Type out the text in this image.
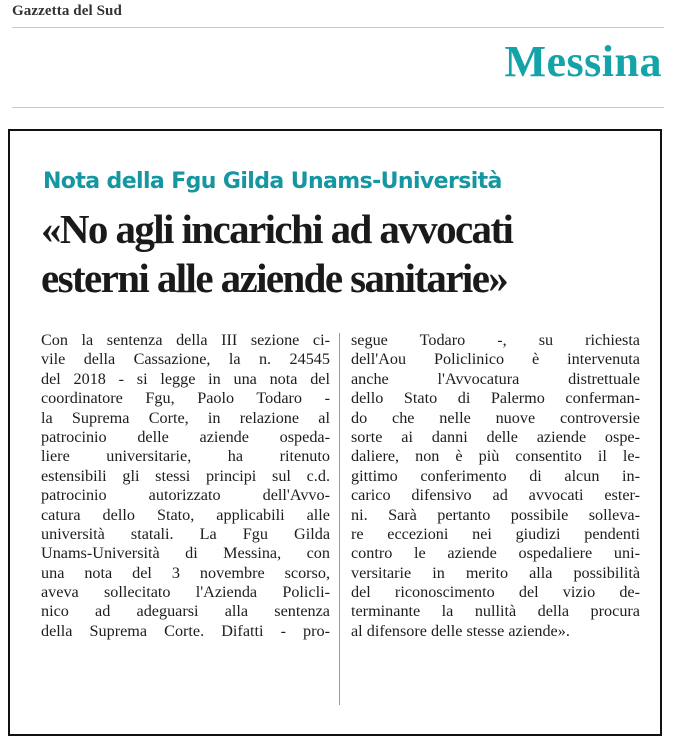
Gazzetta del Sud
Messina
Nota della Fgu Gilda Unams-Università
«No agli incarichi ad avvocati
esterni alle aziende sanitarie»
Con la sentenza della III sezione ci-
vile della Cassazione, la n. 24545
del 2018 - si legge in una nota del
coordinatore Fgu, Paolo Todaro -
la Suprema Corte, in relazione al
patrocinio delle aziende ospeda-
liere universitarie, ha ritenuto
estensibili gli stessi principi sul c.d.
patrocinio autorizzato dell'Avvo-
catura dello Stato, applicabili alle
università statali. La Fgu Gilda
Unams-Università di Messina, con
una nota del 3 novembre scorso,
aveva sollecitato l'Azienda Policli-
nico ad adeguarsi alla sentenza
della Suprema Corte. Difatti - pro-
segue Todaro -, su richiesta
dell'Aou Policlinico è intervenuta
anche l'Avvocatura distrettuale
dello Stato di Palermo conferman-
do che nelle nuove controversie
sorte ai danni delle aziende ospe-
daliere, non è più consentito il le-
gittimo conferimento di alcun in-
carico difensivo ad avvocati ester-
ni. Sarà pertanto possibile solleva-
re eccezioni nei giudizi pendenti
contro le aziende ospedaliere uni-
versitarie in merito alla possibilità
del riconoscimento del vizio de-
terminante la nullità della procura
al difensore delle stesse aziende».
